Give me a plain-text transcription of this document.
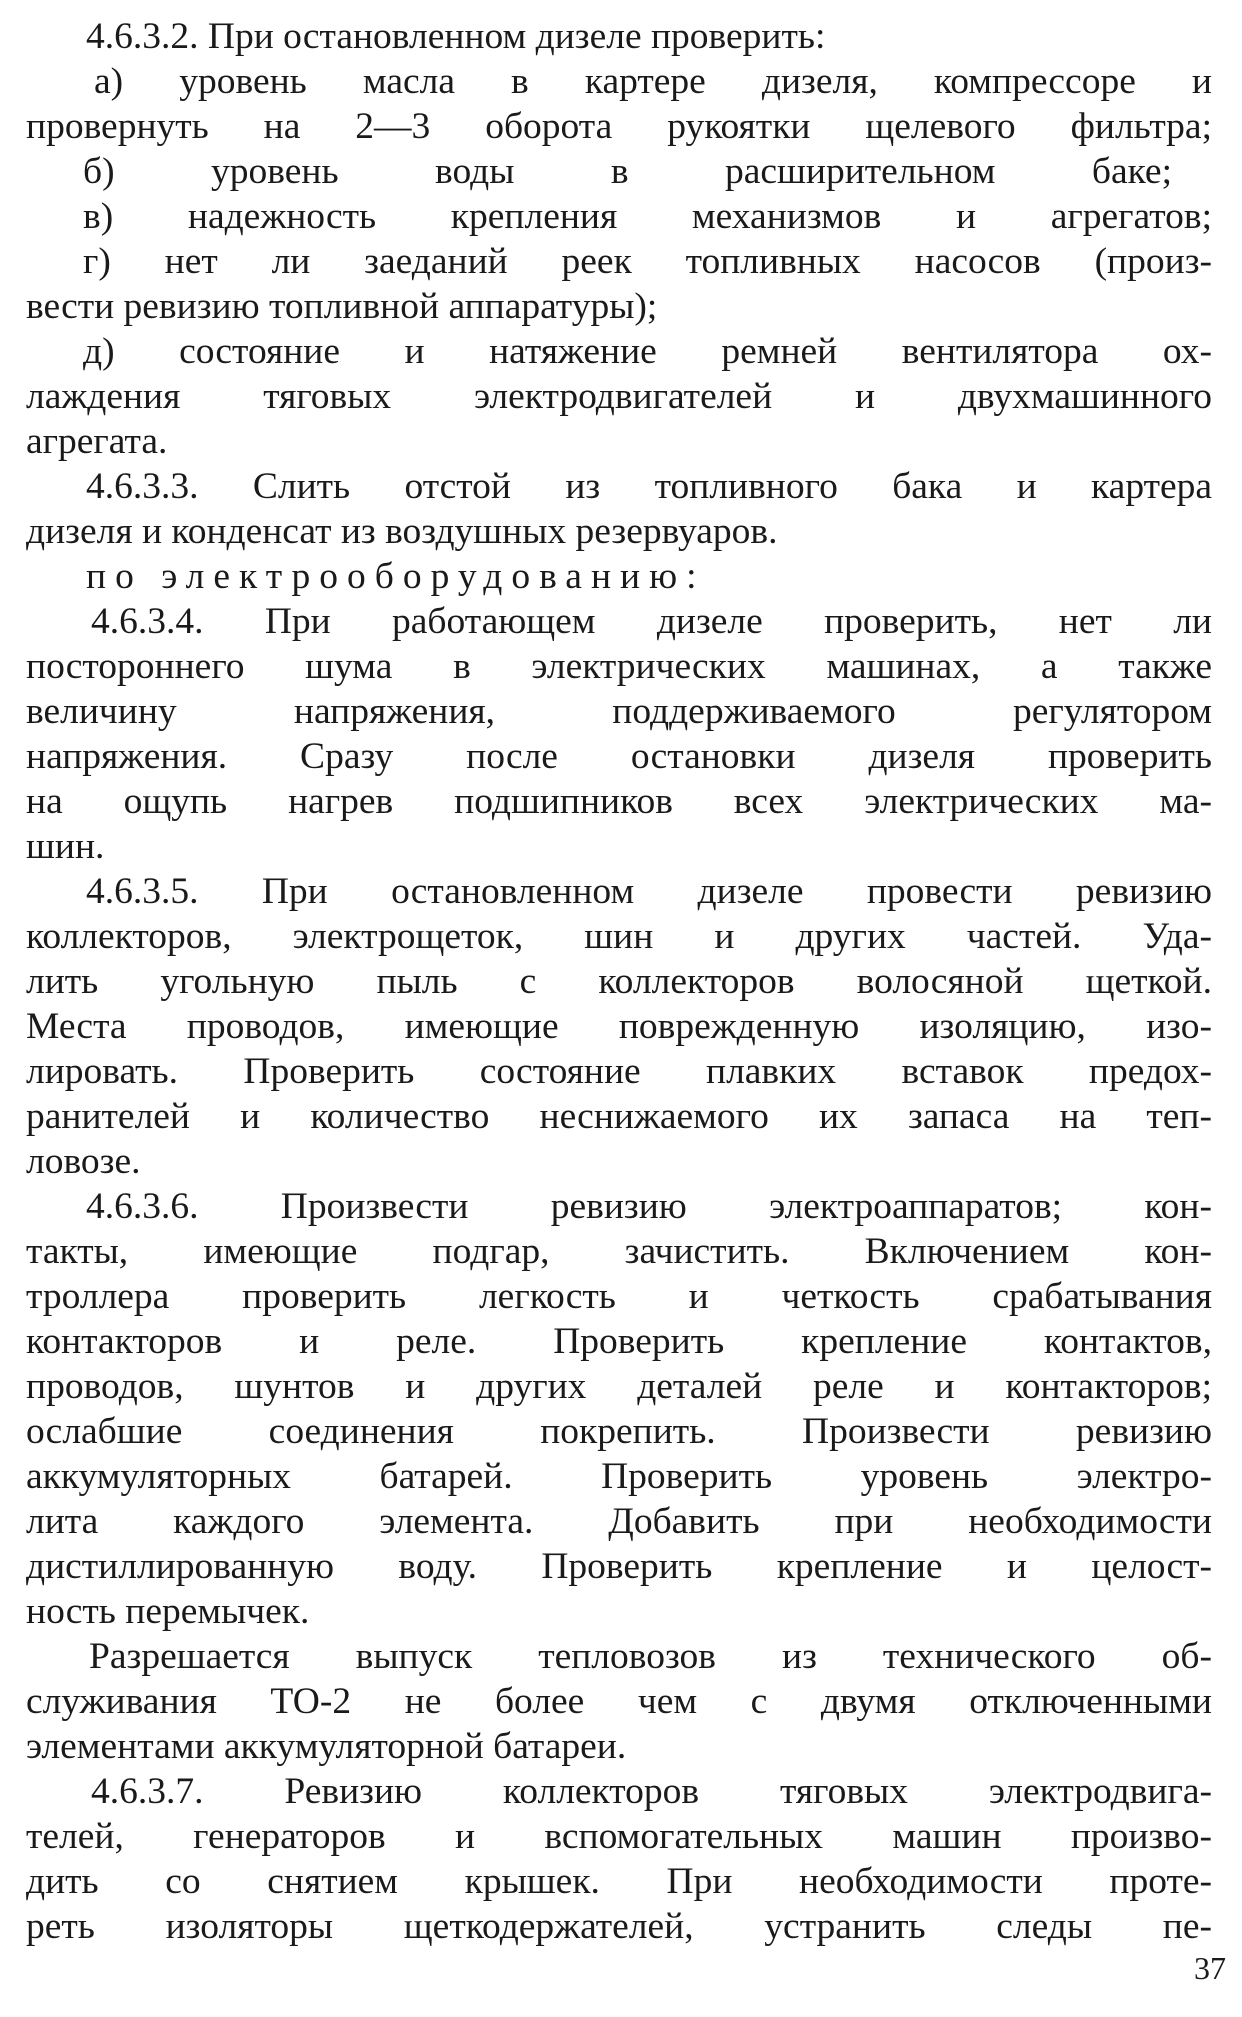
4.6.3.2. При остановленном дизеле проверить:
а) уровень масла в картере дизеля, компрессоре и
провернуть на 2—3 оборота рукоятки щелевого фильтра;
б) уровень воды в расширительном баке;
в) надежность крепления механизмов и агрегатов;
г) нет ли заеданий реек топливных насосов (произ-
вести ревизию топливной аппаратуры);
д) состояние и натяжение ремней вентилятора ох-
лаждения тяговых электродвигателей и двухмашинного
агрегата.
4.6.3.3. Слить отстой из топливного бака и картера
дизеля и конденсат из воздушных резервуаров.
по электрооборудованию:
4.6.3.4. При работающем дизеле проверить, нет ли
постороннего шума в электрических машинах, а также
величину напряжения, поддерживаемого регулятором
напряжения. Сразу после остановки дизеля проверить
на ощупь нагрев подшипников всех электрических ма-
шин.
4.6.3.5. При остановленном дизеле провести ревизию
коллекторов, электрощеток, шин и других частей. Уда-
лить угольную пыль с коллекторов волосяной щеткой.
Места проводов, имеющие поврежденную изоляцию, изо-
лировать. Проверить состояние плавких вставок предох-
ранителей и количество неснижаемого их запаса на теп-
ловозе.
4.6.3.6. Произвести ревизию электроаппаратов; кон-
такты, имеющие подгар, зачистить. Включением кон-
троллера проверить легкость и четкость срабатывания
контакторов и реле. Проверить крепление контактов,
проводов, шунтов и других деталей реле и контакторов;
ослабшие соединения покрепить. Произвести ревизию
аккумуляторных батарей. Проверить уровень электро-
лита каждого элемента. Добавить при необходимости
дистиллированную воду. Проверить крепление и целост-
ность перемычек.
Разрешается выпуск тепловозов из технического об-
служивания ТО-2 не более чем с двумя отключенными
элементами аккумуляторной батареи.
4.6.3.7. Ревизию коллекторов тяговых электродвига-
телей, генераторов и вспомогательных машин произво-
дить со снятием крышек. При необходимости проте-
реть изоляторы щеткодержателей, устранить следы пе-
37
